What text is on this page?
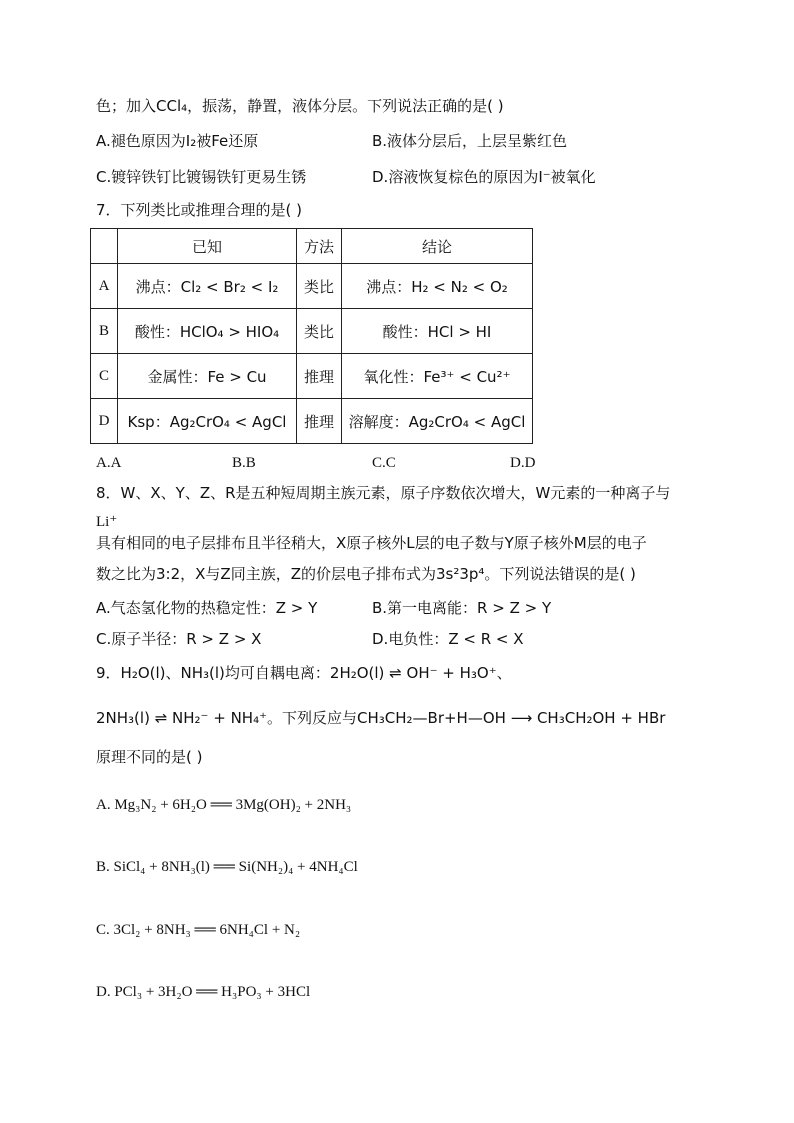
色；加入CCl₄，振荡，静置，液体分层。下列说法正确的是( )
A.褪色原因为I₂被Fe还原	B.液体分层后，上层呈紫红色
C.镀锌铁钉比镀锡铁钉更易生锈	D.溶液恢复棕色的原因为I⁻被氧化
7．下列类比或推理合理的是( )
	已知	方法	结论
A	沸点：Cl₂ < Br₂ < I₂	类比	沸点：H₂ < N₂ < O₂
B	酸性：HClO₄ > HIO₄	类比	酸性：HCl > HI
C	金属性：Fe > Cu	推理	氧化性：Fe³⁺ < Cu²⁺
D	Ksp：Ag₂CrO₄ < AgCl	推理	溶解度：Ag₂CrO₄ < AgCl
A.A	B.B	C.C	D.D
8．W、X、Y、Z、R是五种短周期主族元素，原子序数依次增大，W元素的一种离子与
Li⁺
具有相同的电子层排布且半径稍大，X原子核外L层的电子数与Y原子核外M层的电子
数之比为3:2，X与Z同主族，Z的价层电子排布式为3s²3p⁴。下列说法错误的是( )
A.气态氢化物的热稳定性：Z > Y	B.第一电离能：R > Z > Y
C.原子半径：R > Z > X	D.电负性：Z < R < X
9．H₂O(l)、NH₃(l)均可自耦电离：2H₂O(l) ⇌ OH⁻ + H₃O⁺、
2NH₃(l) ⇌ NH₂⁻ + NH₄⁺。下列反应与CH₃CH₂—Br+H—OH ⟶ CH₃CH₂OH + HBr
原理不同的是( )
A. Mg₃N₂ + 6H₂O ══ 3Mg(OH)₂ + 2NH₃
B. SiCl₄ + 8NH₃(l) ══ Si(NH₂)₄ + 4NH₄Cl
C. 3Cl₂ + 8NH₃ ══ 6NH₄Cl + N₂
D. PCl₃ + 3H₂O ══ H₃PO₃ + 3HCl
